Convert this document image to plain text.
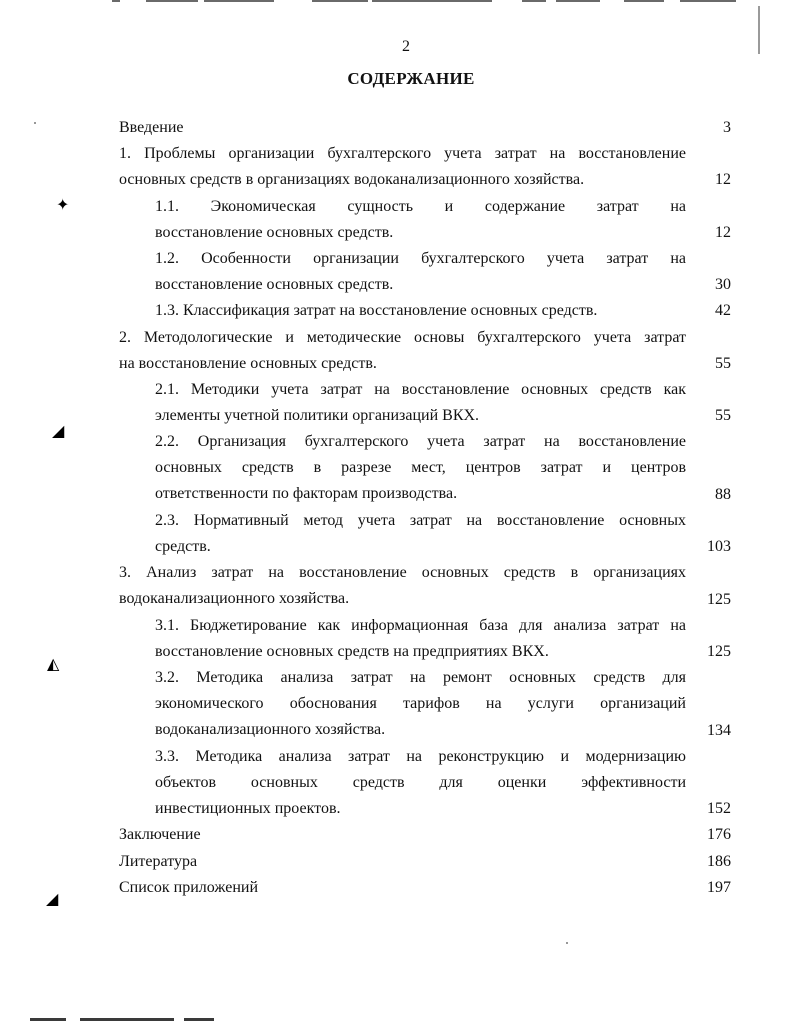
✦
◢
◭
◢
2
СОДЕРЖАНИЕ
Введение	3
1. Проблемы организации бухгалтерского учета затрат на восстановление
основных средств в организациях водоканализационного хозяйства.	12
1.1. Экономическая сущность и содержание затрат на
восстановление основных средств.	12
1.2. Особенности организации бухгалтерского учета затрат на
восстановление основных средств.	30
1.3. Классификация затрат на восстановление основных средств.	42
2. Методологические и методические основы бухгалтерского учета затрат
на восстановление основных средств.	55
2.1. Методики учета затрат на восстановление основных средств как
элементы учетной политики организаций ВКХ.	55
2.2. Организация бухгалтерского учета затрат на восстановление
основных средств в разрезе мест, центров затрат и центров
ответственности по факторам производства.	88
2.3. Нормативный метод учета затрат на восстановление основных
средств.	103
3. Анализ затрат на восстановление основных средств в организациях
водоканализационного хозяйства.	125
3.1. Бюджетирование как информационная база для анализа затрат на
восстановление основных средств на предприятиях ВКХ.	125
3.2. Методика анализа затрат на ремонт основных средств для
экономического обоснования тарифов на услуги организаций
водоканализационного хозяйства.	134
3.3. Методика анализа затрат на реконструкцию и модернизацию
объектов основных средств для оценки эффективности
инвестиционных проектов.	152
Заключение	176
Литература	186
Список приложений	197
